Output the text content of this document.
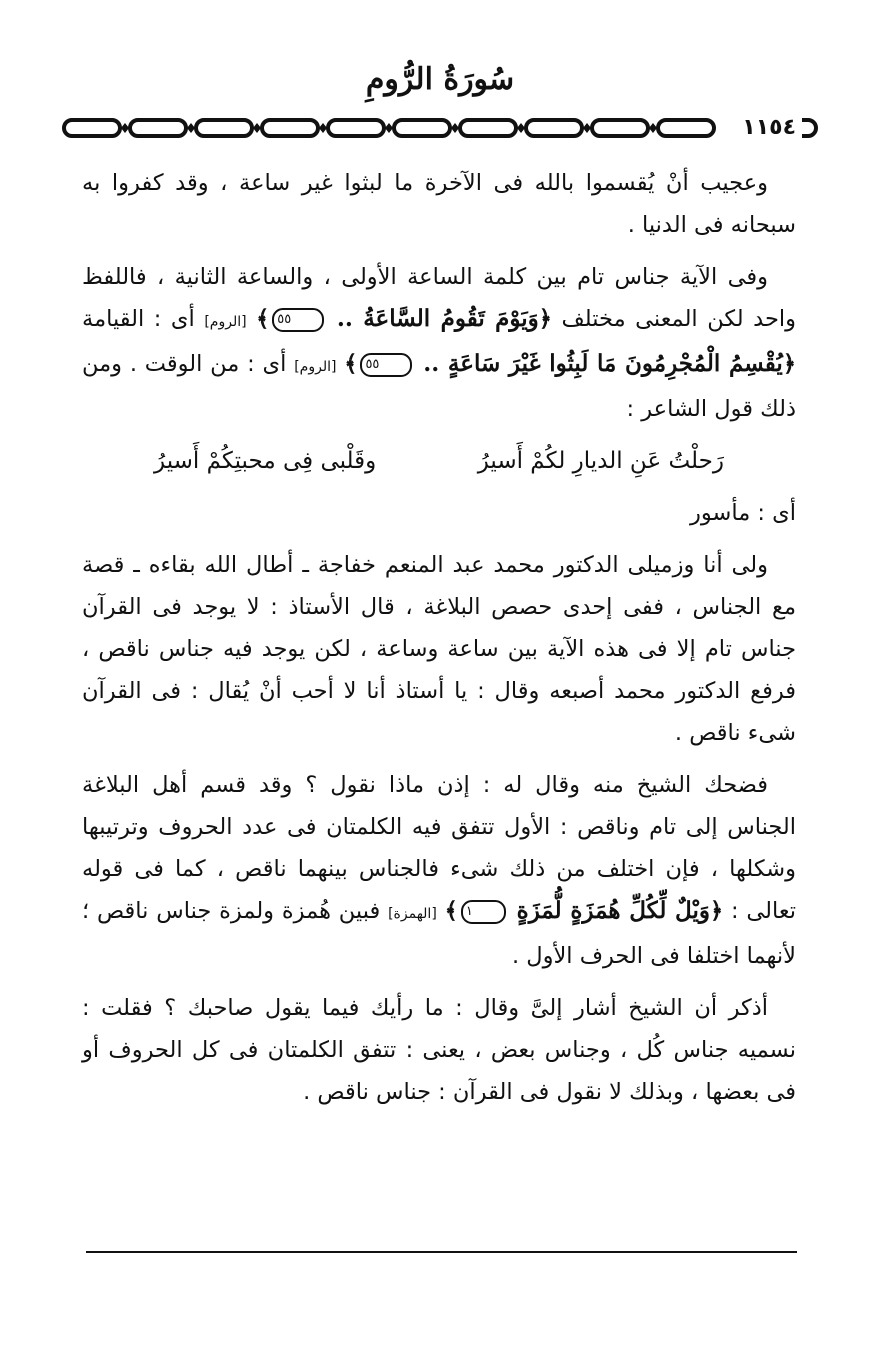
سُورَةُ الرُّومِ
١١٥٤

وعجيب أنْ يُقسموا بالله فى الآخرة ما لبثوا غير ساعة ، وقد كفروا به سبحانه فى الدنيا .

وفى الآية جناس تام بين كلمة الساعة الأولى ، والساعة الثانية ، فاللفظ واحد لكن المعنى مختلف ﴿وَيَوْمَ تَقُومُ السَّاعَةُ .. ٥٥﴾ [الروم] أى : القيامة ﴿يُقْسِمُ الْمُجْرِمُونَ مَا لَبِثُوا غَيْرَ سَاعَةٍ .. ٥٥﴾ [الروم] أى : من الوقت . ومن ذلك قول الشاعر :

رَحلْتُ عَنِ الديارِ لكُمْ أَسيرُ
وقَلْبى فِى محبتِكُمْ أَسيرُ

أى : مأسور

ولى أنا وزميلى الدكتور محمد عبد المنعم خفاجة ـ أطال الله بقاءه ـ قصة مع الجناس ، ففى إحدى حصص البلاغة ، قال الأستاذ : لا يوجد فى القرآن جناس تام إلا فى هذه الآية بين ساعة وساعة ، لكن يوجد فيه جناس ناقص ، فرفع الدكتور محمد أصبعه وقال : يا أستاذ أنا لا أحب أنْ يُقال : فى القرآن شىء ناقص .

فضحك الشيخ منه وقال له : إذن ماذا نقول ؟ وقد قسم أهل البلاغة الجناس إلى تام وناقص : الأول تتفق فيه الكلمتان فى عدد الحروف وترتيبها وشكلها ، فإن اختلف من ذلك شىء فالجناس بينهما ناقص ، كما فى قوله تعالى : ﴿وَيْلٌ لِّكُلِّ هُمَزَةٍ لُّمَزَةٍ ١﴾ [الهمزة] فبين هُمزة ولمزة جناس ناقص ؛ لأنهما اختلفا فى الحرف الأول .

أذكر أن الشيخ أشار إلىَّ وقال : ما رأيك فيما يقول صاحبك ؟ فقلت : نسميه جناس كُل ، وجناس بعض ، يعنى : تتفق الكلمتان فى كل الحروف أو فى بعضها ، وبذلك لا نقول فى القرآن : جناس ناقص .
